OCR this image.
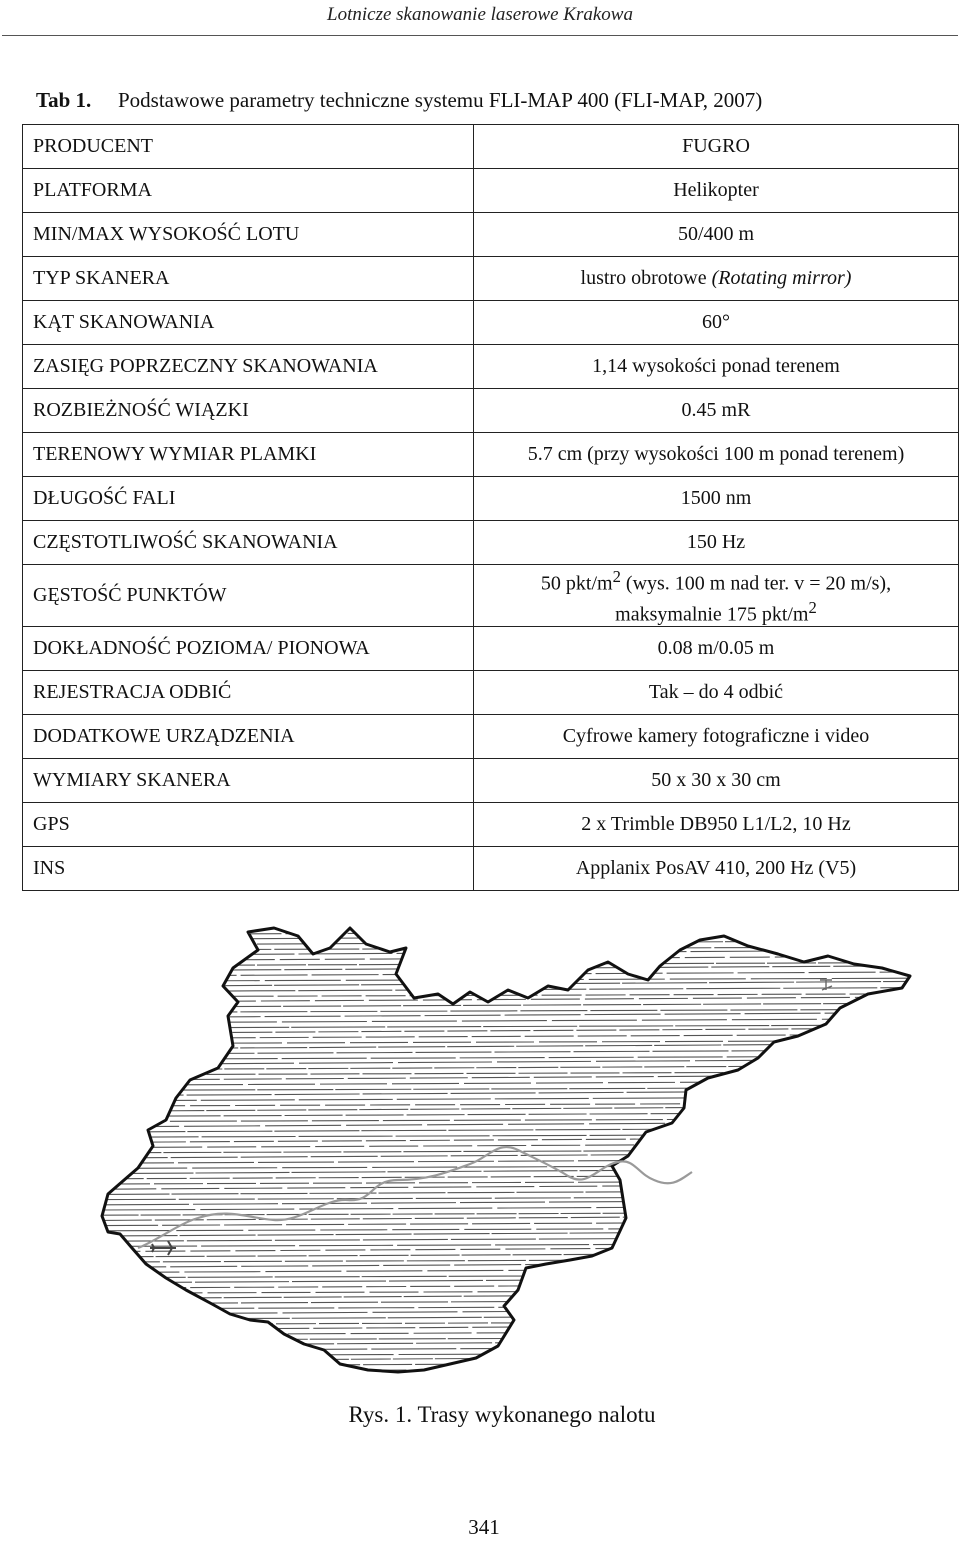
Lotnicze skanowanie laserowe Krakowa
Tab 1. Podstawowe parametry techniczne systemu FLI-MAP 400 (FLI-MAP, 2007)
PRODUCENT	FUGRO
PLATFORMA	Helikopter
MIN/MAX WYSOKOŚĆ LOTU	50/400 m
TYP SKANERA	lustro obrotowe (Rotating mirror)
KĄT SKANOWANIA	60°
ZASIĘG POPRZECZNY SKANOWANIA	1,14 wysokości ponad terenem
ROZBIEŻNOŚĆ WIĄZKI	0.45 mR
TERENOWY WYMIAR PLAMKI	5.7 cm (przy wysokości 100 m ponad terenem)
DŁUGOŚĆ FALI	1500 nm
CZĘSTOTLIWOŚĆ SKANOWANIA	150 Hz
GĘSTOŚĆ PUNKTÓW	50 pkt/$m^2$ (wys. 100 m nad ter. v = 20 m/s),
maksymalnie 175 pkt/$m^2$
DOKŁADNOŚĆ POZIOMA/ PIONOWA	0.08 m/0.05 m
REJESTRACJA ODBIĆ	Tak – do 4 odbić
DODATKOWE URZĄDZENIA	Cyfrowe kamery fotograficzne i video
WYMIARY SKANERA	50 x 30 x 30 cm
GPS	2 x Trimble DB950 L1/L2, 10 Hz
INS	Applanix PosAV 410, 200 Hz (V5)
Rys. 1. Trasy wykonanego nalotu
341
